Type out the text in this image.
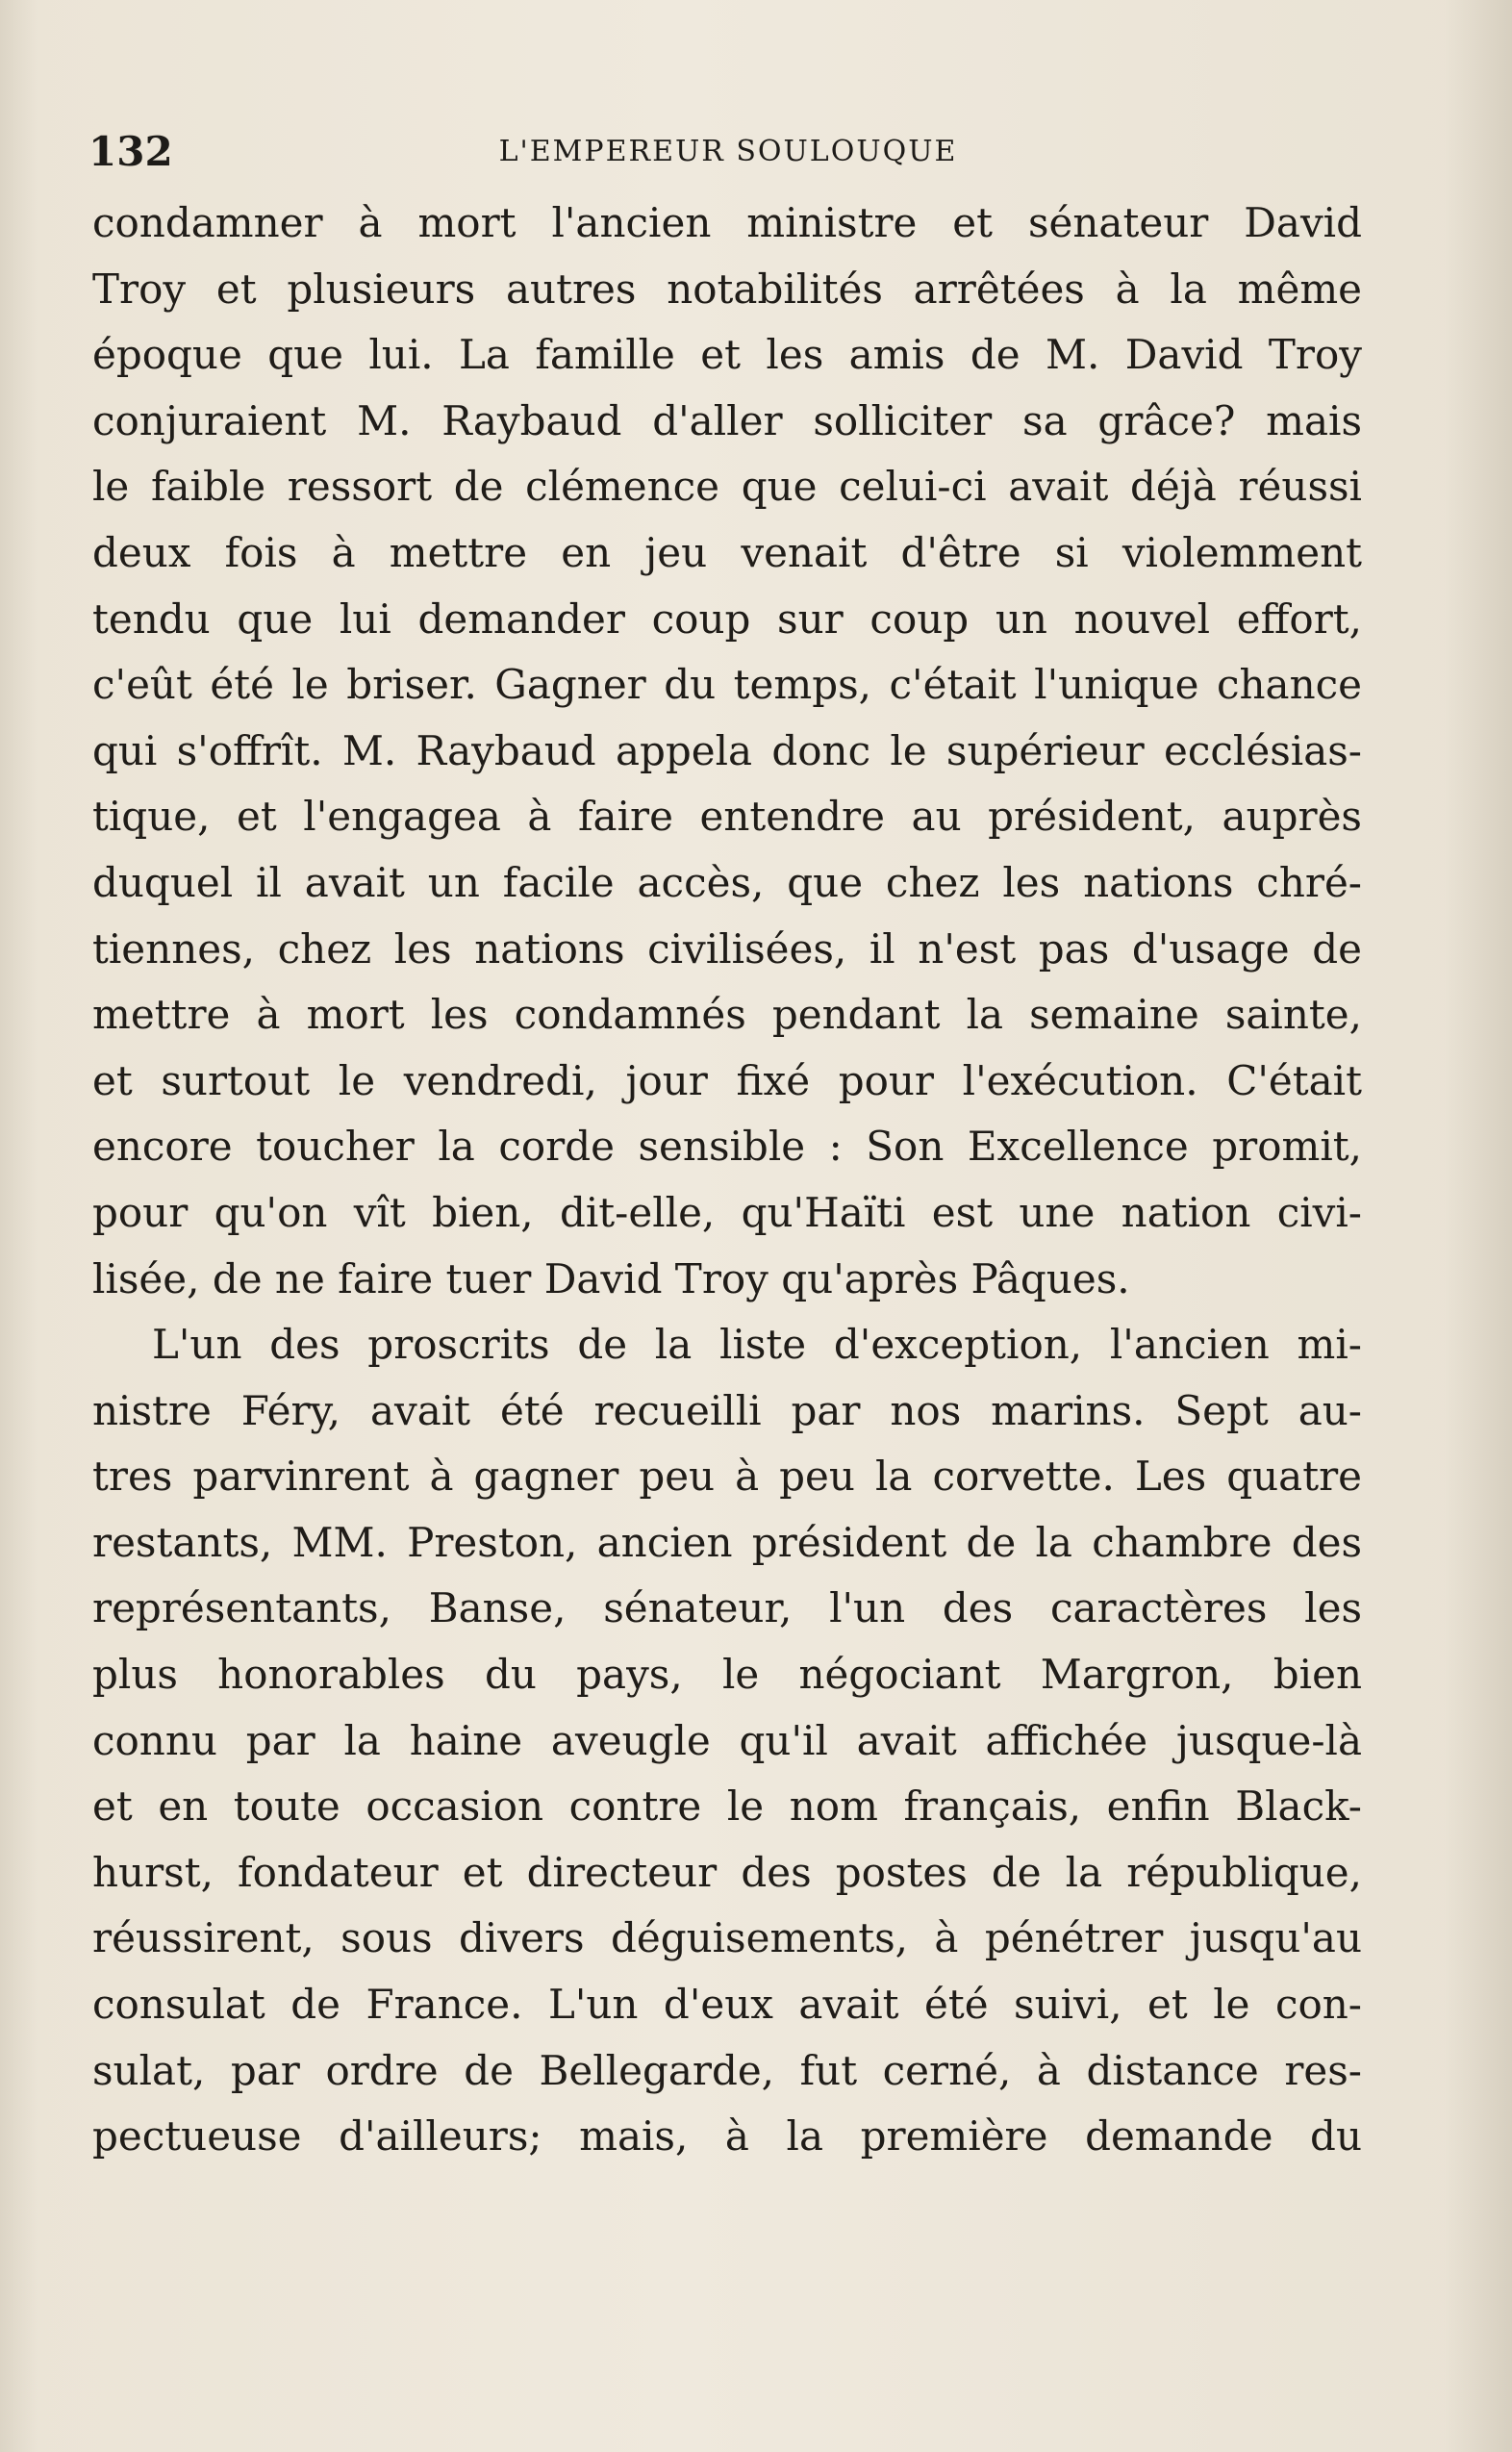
132	L'EMPEREUR SOULOUQUE
condamner à mort l'ancien ministre et sénateur David
Troy et plusieurs autres notabilités arrêtées à la même
époque que lui. La famille et les amis de M. David Troy
conjuraient M. Raybaud d'aller solliciter sa grâce? mais
le faible ressort de clémence que celui-ci avait déjà réussi
deux fois à mettre en jeu venait d'être si violemment
tendu que lui demander coup sur coup un nouvel effort,
c'eût été le briser. Gagner du temps, c'était l'unique chance
qui s'offrît. M. Raybaud appela donc le supérieur ecclésias-
tique, et l'engagea à faire entendre au président, auprès
duquel il avait un facile accès, que chez les nations chré-
tiennes, chez les nations civilisées, il n'est pas d'usage de
mettre à mort les condamnés pendant la semaine sainte,
et surtout le vendredi, jour fixé pour l'exécution. C'était
encore toucher la corde sensible : Son Excellence promit,
pour qu'on vît bien, dit-elle, qu'Haïti est une nation civi-
lisée, de ne faire tuer David Troy qu'après Pâques.
L'un des proscrits de la liste d'exception, l'ancien mi-
nistre Féry, avait été recueilli par nos marins. Sept au-
tres parvinrent à gagner peu à peu la corvette. Les quatre
restants, MM. Preston, ancien président de la chambre des
représentants, Banse, sénateur, l'un des caractères les
plus honorables du pays, le négociant Margron, bien
connu par la haine aveugle qu'il avait affichée jusque-là
et en toute occasion contre le nom français, enfin Black-
hurst, fondateur et directeur des postes de la république,
réussirent, sous divers déguisements, à pénétrer jusqu'au
consulat de France. L'un d'eux avait été suivi, et le con-
sulat, par ordre de Bellegarde, fut cerné, à distance res-
pectueuse d'ailleurs; mais, à la première demande du
